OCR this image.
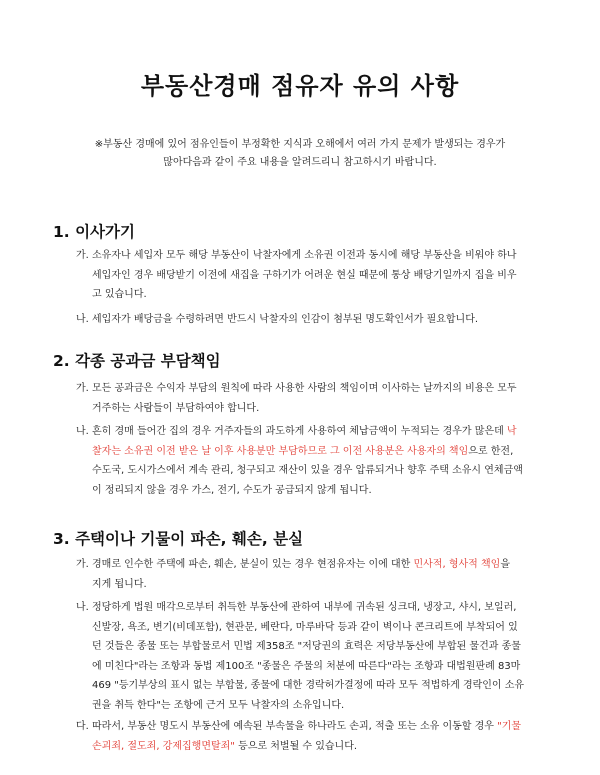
부동산경매 점유자 유의 사항
※부동산 경매에 있어 점유인들이 부정확한 지식과 오해에서 여러 가지 문제가 발생되는 경우가
많아다음과 같이 주요 내용을 알려드리니 참고하시기 바랍니다.
1. 이사가기
가. 소유자나 세입자 모두 해당 부동산이 낙찰자에게 소유권 이전과 동시에 해당 부동산을 비워야 하나
세입자인 경우 배당받기 이전에 새집을 구하기가 어려운 현실 때문에 통상 배당기일까지 집을 비우
고 있습니다.
나. 세입자가 배당금을 수령하려면 반드시 낙찰자의 인감이 첨부된 명도확인서가 필요합니다.
2. 각종 공과금 부담책임
가. 모든 공과금은 수익자 부담의 원칙에 따라 사용한 사람의 책임이며 이사하는 날까지의 비용은 모두
거주하는 사람들이 부담하여야 합니다.
나. 흔히 경매 들어간 집의 경우 거주자들의 과도하게 사용하여 체납금액이 누적되는 경우가 많은데 낙
찰자는 소유권 이전 받은 날 이후 사용분만 부담하므로 그 이전 사용분은 사용자의 책임으로 한전,
수도국, 도시가스에서 계속 관리, 청구되고 재산이 있을 경우 압류되거나 향후 주택 소유시 연체금액
이 정리되지 않을 경우 가스, 전기, 수도가 공급되지 않게 됩니다.
3. 주택이나 기물이 파손, 훼손, 분실
가. 경매로 인수한 주택에 파손, 훼손, 분실이 있는 경우 현점유자는 이에 대한 민사적, 형사적 책임을
지게 됩니다.
나. 정당하게 법원 매각으로부터 취득한 부동산에 관하여 내부에 귀속된 싱크대, 냉장고, 샤시, 보일러,
신발장, 욕조, 변기(비데포함), 현관문, 베란다, 마루바닥 등과 같이 벽이나 콘크리트에 부착되어 있
던 것들은 종물 또는 부합물로서 민법 제358조 "저당권의 효력은 저당부동산에 부합된 물건과 종물
에 미친다"라는 조항과 동법 제100조 "종물은 주물의 처분에 따른다"라는 조항과 대법원판례 83마
469 "등기부상의 표시 없는 부합물, 종물에 대한 경락허가결정에 따라 모두 적법하게 경락인이 소유
권을 취득 한다"는 조항에 근거 모두 낙찰자의 소유입니다.
다. 따라서, 부동산 명도시 부동산에 예속된 부속물을 하나라도 손괴, 적출 또는 소유 이동할 경우 "기물
손괴죄, 절도죄, 강제집행면탈죄" 등으로 처벌될 수 있습니다.
